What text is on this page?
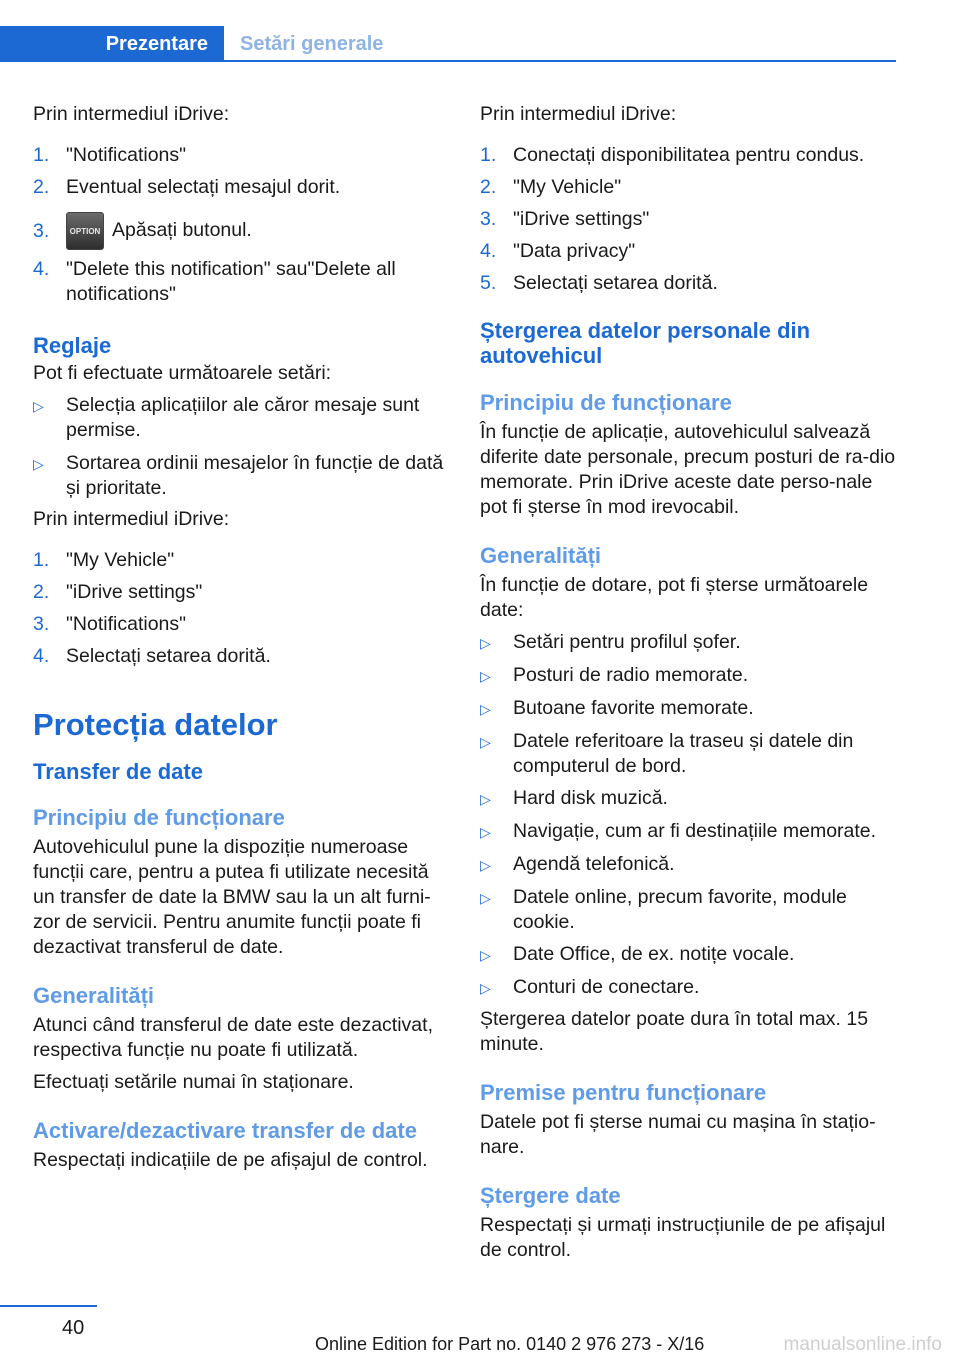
Prezentare	Setări generale

Prin intermediul iDrive:

1. "Notifications"
2. Eventual selectați mesajul dorit.
3.	OPTION Apăsați butonul.
4. "Delete this notification" sau"Delete all notifications"
Reglaje

Pot fi efectuate următoarele setări:

▷	Selecția aplicațiilor ale căror mesaje sunt permise.
▷	Sortarea ordinii mesajelor în funcție de dată și prioritate.

Prin intermediul iDrive:

1. "My Vehicle"
2. "iDrive settings"
3. "Notifications"
4. Selectați setarea dorită.
Protecția datelor
Transfer de date
Principiu de funcționare

Autovehiculul pune la dispoziție numeroase funcții care, pentru a putea fi utilizate necesită un transfer de date la BMW sau la un alt furni-zor de servicii. Pentru anumite funcții poate fi dezactivat transferul de date.

Generalități

Atunci când transferul de date este dezactivat, respectiva funcție nu poate fi utilizată.

Efectuați setările numai în staționare.

Activare/dezactivare transfer de date

Respectați indicațiile de pe afișajul de control.

Prin intermediul iDrive:

1. Conectați disponibilitatea pentru condus.
2. "My Vehicle"
3. "iDrive settings"
4. "Data privacy"
5. Selectați setarea dorită.
Ștergerea datelor personale din autovehicul
Principiu de funcționare

În funcție de aplicație, autovehiculul salvează diferite date personale, precum posturi de ra-dio memorate. Prin iDrive aceste date perso-nale pot fi șterse în mod irevocabil.

Generalități

În funcție de dotare, pot fi șterse următoarele date:

▷	Setări pentru profilul șofer.
▷	Posturi de radio memorate.
▷	Butoane favorite memorate.
▷	Datele referitoare la traseu și datele din computerul de bord.
▷	Hard disk muzică.
▷	Navigație, cum ar fi destinațiile memorate.
▷	Agendă telefonică.
▷	Datele online, precum favorite, module cookie.
▷	Date Office, de ex. notițe vocale.
▷	Conturi de conectare.

Ștergerea datelor poate dura în total max. 15 minute.

Premise pentru funcționare

Datele pot fi șterse numai cu mașina în stațio-nare.

Ștergere date

Respectați și urmați instrucțiunile de pe afișajul de control.

40
Online Edition for Part no. 0140 2 976 273 - X/16	manualsonline.info
